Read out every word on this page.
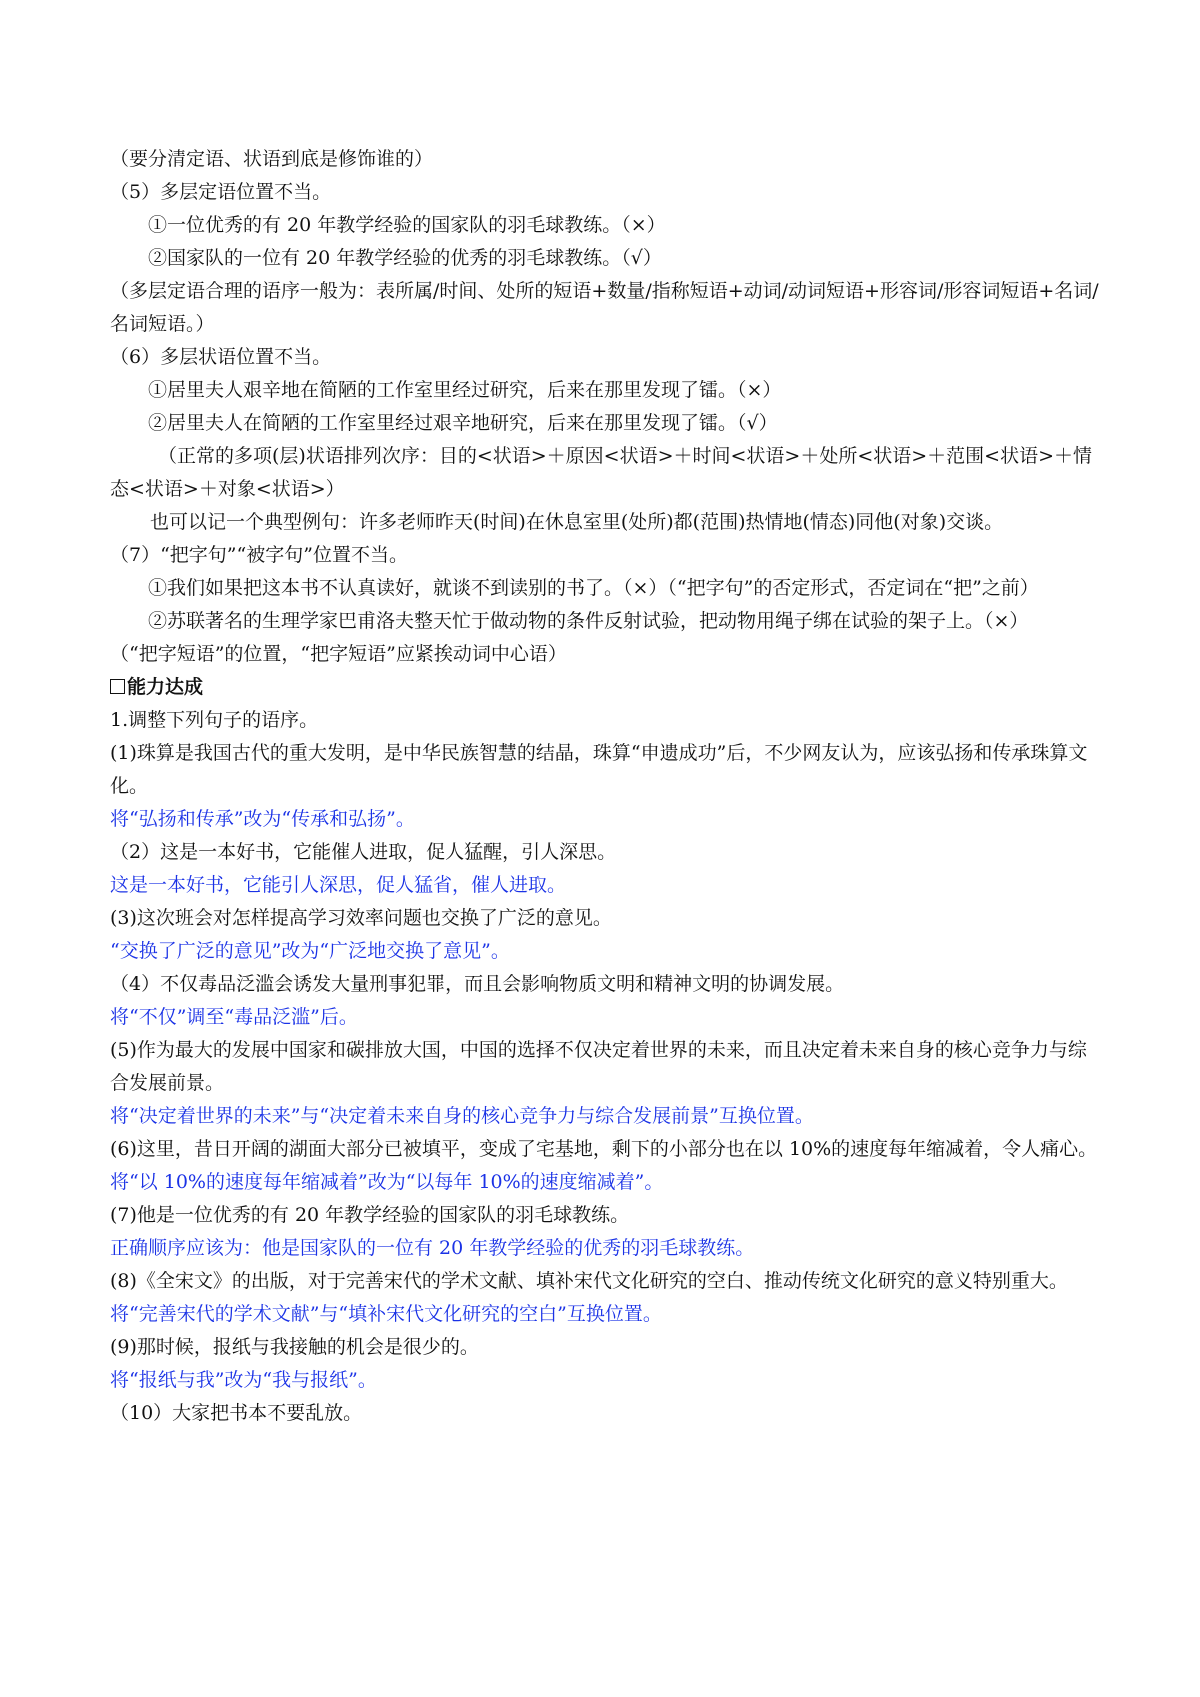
（要分清定语、状语到底是修饰谁的）
（5）多层定语位置不当。
①一位优秀的有 20 年教学经验的国家队的羽毛球教练。（×）
②国家队的一位有 20 年教学经验的优秀的羽毛球教练。（√）
（多层定语合理的语序一般为：表所属/时间、处所的短语+数量/指称短语+动词/动词短语+形容词/形容词短语+名词/名词短语。）
（6）多层状语位置不当。
①居里夫人艰辛地在简陋的工作室里经过研究，后来在那里发现了镭。（×）
②居里夫人在简陋的工作室里经过艰辛地研究，后来在那里发现了镭。（√）
（正常的多项(层)状语排列次序：目的<状语>＋原因<状语>＋时间<状语>＋处所<状语>＋范围<状语>＋情态<状语>＋对象<状语>）
也可以记一个典型例句：许多老师昨天(时间)在休息室里(处所)都(范围)热情地(情态)同他(对象)交谈。
（7）“把字句”“被字句”位置不当。
①我们如果把这本书不认真读好，就谈不到读别的书了。（×）（“把字句”的否定形式，否定词在“把”之前）
②苏联著名的生理学家巴甫洛夫整天忙于做动物的条件反射试验，把动物用绳子绑在试验的架子上。（×）
（“把字短语”的位置，“把字短语”应紧挨动词中心语）
能力达成
1.调整下列句子的语序。
(1)珠算是我国古代的重大发明，是中华民族智慧的结晶，珠算“申遗成功”后，不少网友认为，应该弘扬和传承珠算文化。
将“弘扬和传承”改为“传承和弘扬”。
（2）这是一本好书，它能催人进取，促人猛醒，引人深思。
这是一本好书，它能引人深思，促人猛省，催人进取。
(3)这次班会对怎样提高学习效率问题也交换了广泛的意见。
“交换了广泛的意见”改为“广泛地交换了意见”。
（4）不仅毒品泛滥会诱发大量刑事犯罪，而且会影响物质文明和精神文明的协调发展。
将“不仅”调至“毒品泛滥”后。
(5)作为最大的发展中国家和碳排放大国，中国的选择不仅决定着世界的未来，而且决定着未来自身的核心竞争力与综合发展前景。
将“决定着世界的未来”与“决定着未来自身的核心竞争力与综合发展前景”互换位置。
(6)这里，昔日开阔的湖面大部分已被填平，变成了宅基地，剩下的小部分也在以 10%的速度每年缩减着，令人痛心。
将“以 10%的速度每年缩减着”改为“以每年 10%的速度缩减着”。
(7)他是一位优秀的有 20 年教学经验的国家队的羽毛球教练。
正确顺序应该为：他是国家队的一位有 20 年教学经验的优秀的羽毛球教练。
(8)《全宋文》的出版，对于完善宋代的学术文献、填补宋代文化研究的空白、推动传统文化研究的意义特别重大。
将“完善宋代的学术文献”与“填补宋代文化研究的空白”互换位置。
(9)那时候，报纸与我接触的机会是很少的。
将“报纸与我”改为“我与报纸”。
（10）大家把书本不要乱放。
